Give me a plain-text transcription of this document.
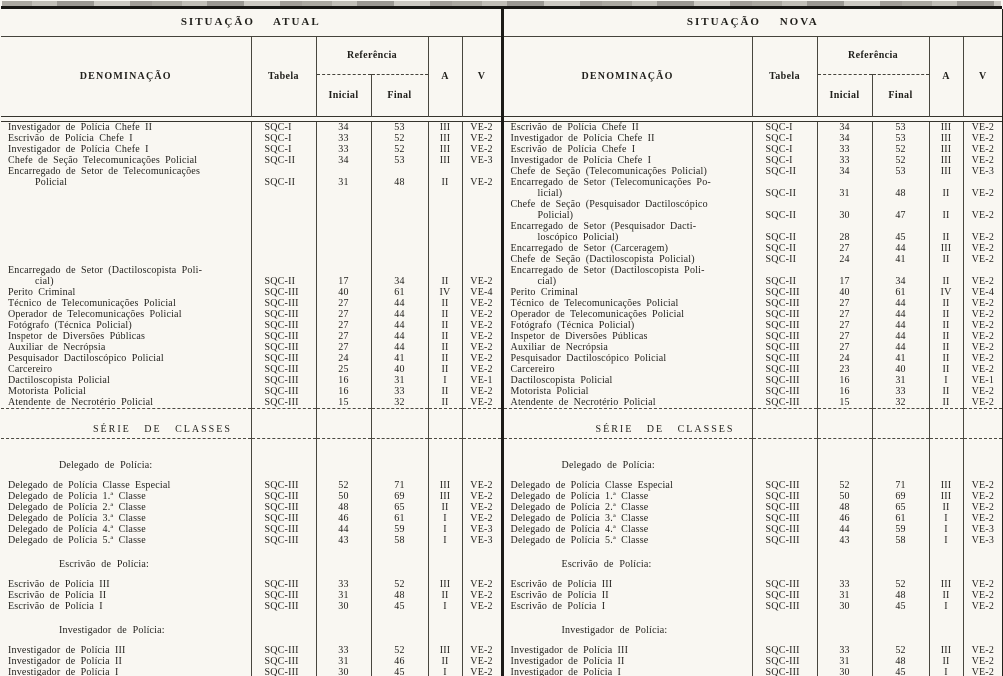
SITUAÇÃO ATUAL						SITUAÇÃO NOVA					
DENOMINAÇÃO	Tabela	Referência		A	V	DENOMINAÇÃO	Tabela	Referência		A	V
		Inicial	Final					Inicial	Final		

Investigador de Polícia Chefe II	SQC-I	34	53	III	VE-2	Escrivão de Polícia Chefe II	SQC-I	34	53	III	VE-2
Escrivão de Polícia Chefe I	SQC-I	33	52	III	VE-2	Investigador de Polícia Chefe II	SQC-I	34	53	III	VE-2
Investigador de Polícia Chefe I	SQC-I	33	52	III	VE-2	Escrivão de Polícia Chefe I	SQC-I	33	52	III	VE-2
Chefe de Seção Telecomunicações Policial	SQC-II	34	53	III	VE-3	Investigador de Polícia Chefe I	SQC-I	33	52	III	VE-2
Encarregado de Setor de Telecomunicações						Chefe de Seção (Telecomunicações Policial)	SQC-II	34	53	III	VE-3
Policial	SQC-II	31	48	II	VE-2	Encarregado de Setor (Telecomunicações Po-					
						licial)	SQC-II	31	48	II	VE-2
						Chefe de Seção (Pesquisador Dactiloscópico					
						Policial)	SQC-II	30	47	II	VE-2
						Encarregado de Setor (Pesquisador Dacti-					
						loscópico Policial)	SQC-II	28	45	II	VE-2
						Encarregado de Setor (Carceragem)	SQC-II	27	44	III	VE-2
						Chefe de Seção (Dactiloscopista Policial)	SQC-II	24	41	II	VE-2
Encarregado de Setor (Dactiloscopista Poli-						Encarregado de Setor (Dactiloscopista Poli-					
cial)	SQC-II	17	34	II	VE-2	cial)	SQC-II	17	34	II	VE-2
Perito Criminal	SQC-III	40	61	IV	VE-4	Perito Criminal	SQC-III	40	61	IV	VE-4
Técnico de Telecomunicações Policial	SQC-III	27	44	II	VE-2	Técnico de Telecomunicações Policial	SQC-III	27	44	II	VE-2
Operador de Telecomunicações Policial	SQC-III	27	44	II	VE-2	Operador de Telecomunicações Policial	SQC-III	27	44	II	VE-2
Fotógrafo (Técnica Policial)	SQC-III	27	44	II	VE-2	Fotógrafo (Técnica Policial)	SQC-III	27	44	II	VE-2
Inspetor de Diversões Públicas	SQC-III	27	44	II	VE-2	Inspetor de Diversões Públicas	SQC-III	27	44	II	VE-2
Auxiliar de Necrópsia	SQC-III	27	44	II	VE-2	Auxiliar de Necrópsia	SQC-III	27	44	II	VE-2
Pesquisador Dactiloscópico Policial	SQC-III	24	41	II	VE-2	Pesquisador Dactiloscópico Policial	SQC-III	24	41	II	VE-2
Carcereiro	SQC-III	25	40	II	VE-2	Carcereiro	SQC-III	23	40	II	VE-2
Dactiloscopista Policial	SQC-III	16	31	I	VE-1	Dactiloscopista Policial	SQC-III	16	31	I	VE-1
Motorista Policial	SQC-III	16	33	II	VE-2	Motorista Policial	SQC-III	16	33	II	VE-2
Atendente de Necrotério Policial	SQC-III	15	32	II	VE-2	Atendente de Necrotério Policial	SQC-III	15	32	II	VE-2

SÉRIE DE CLASSES						SÉRIE DE CLASSES					

Delegado de Polícia:						Delegado de Polícia:					

Delegado de Polícia Classe Especial	SQC-III	52	71	III	VE-2	Delegado de Polícia Classe Especial	SQC-III	52	71	III	VE-2
Delegado de Polícia 1.ª Classe	SQC-III	50	69	III	VE-2	Delegado de Polícia 1.ª Classe	SQC-III	50	69	III	VE-2
Delegado de Polícia 2.ª Classe	SQC-III	48	65	II	VE-2	Delegado de Polícia 2.ª Classe	SQC-III	48	65	II	VE-2
Delegado de Polícia 3.ª Classe	SQC-III	46	61	I	VE-2	Delegado de Polícia 3.ª Classe	SQC-III	46	61	I	VE-2
Delegado de Polícia 4.ª Classe	SQC-III	44	59	I	VE-3	Delegado de Polícia 4.ª Classe	SQC-III	44	59	I	VE-3
Delegado de Polícia 5.ª Classe	SQC-III	43	58	I	VE-3	Delegado de Polícia 5.ª Classe	SQC-III	43	58	I	VE-3

Escrivão de Polícia:						Escrivão de Polícia:					

Escrivão de Polícia III	SQC-III	33	52	III	VE-2	Escrivão de Polícia III	SQC-III	33	52	III	VE-2
Escrivão de Polícia II	SQC-III	31	48	II	VE-2	Escrivão de Polícia II	SQC-III	31	48	II	VE-2
Escrivão de Polícia I	SQC-III	30	45	I	VE-2	Escrivão de Polícia I	SQC-III	30	45	I	VE-2

Investigador de Polícia:						Investigador de Polícia:					

Investigador de Polícia III	SQC-III	33	52	III	VE-2	Investigador de Polícia III	SQC-III	33	52	III	VE-2
Investigador de Polícia II	SQC-III	31	46	II	VE-2	Investigador de Polícia II	SQC-III	31	48	II	VE-2
Investigador de Polícia I	SQC-III	30	45	I	VE-2	Investigador de Polícia I	SQC-III	30	45	I	VE-2
